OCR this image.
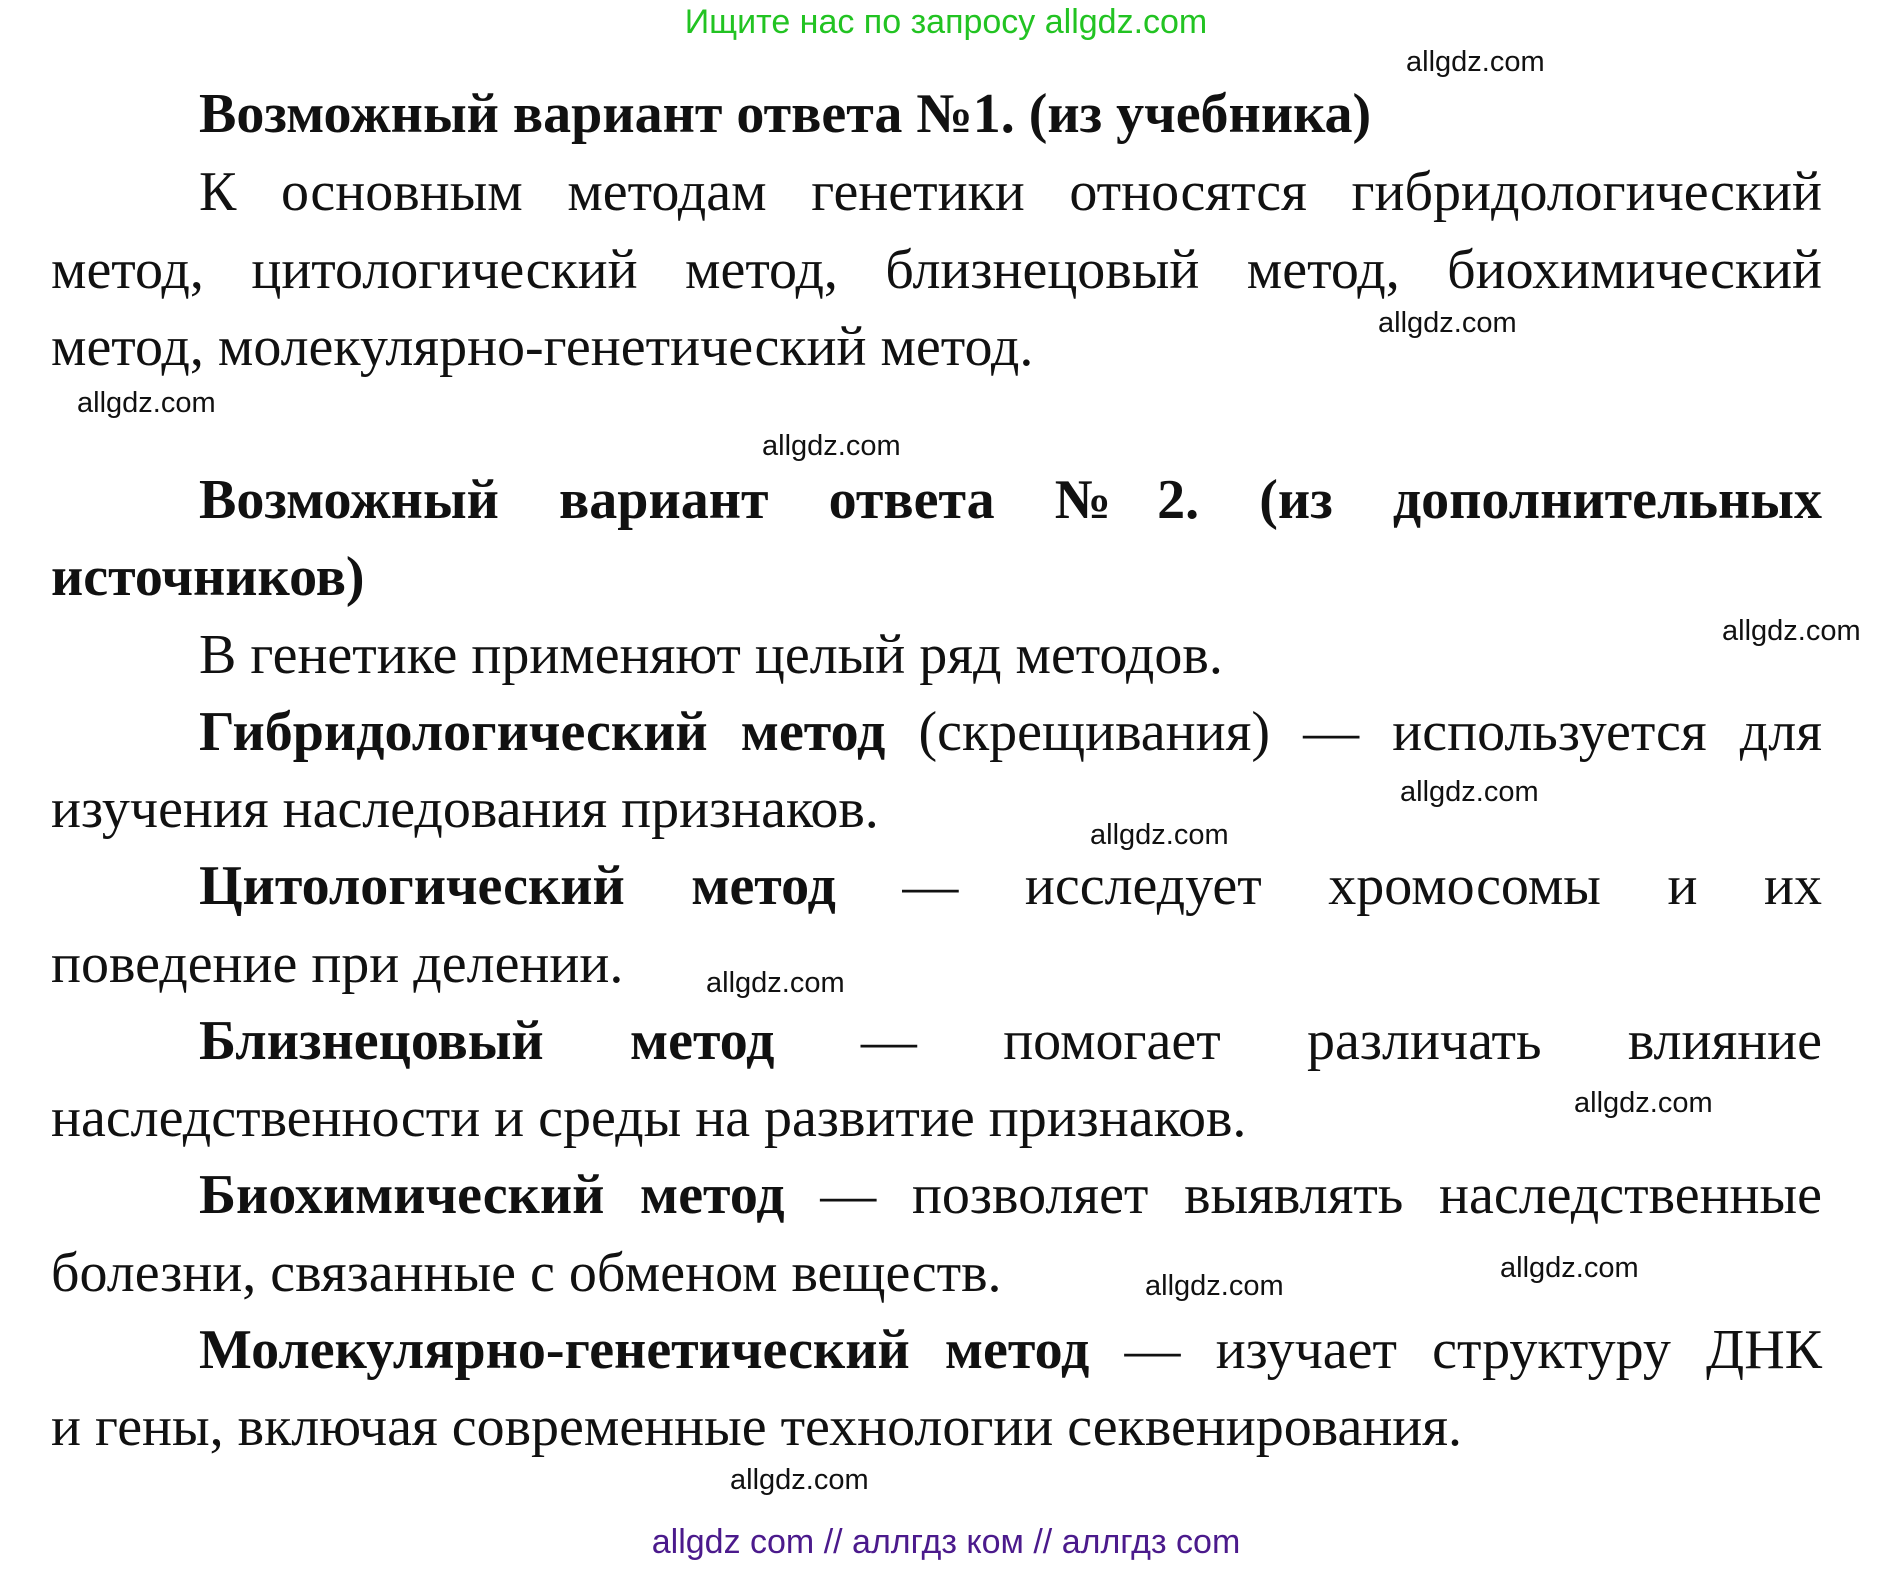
Ищите нас по запросу allgdz.com
Возможный вариант ответа №1. (из учебника)
К основным методам генетики относятся гибридологический
метод, цитологический метод, близнецовый метод, биохимический
метод, молекулярно-генетический метод.
Возможный вариант ответа №2. (из дополнительных
источников)
В генетике применяют целый ряд методов.
Гибридологический метод (скрещивания) — используется для
изучения наследования признаков.
Цитологический метод — исследует хромосомы и их
поведение при делении.
Близнецовый метод — помогает различать влияние
наследственности и среды на развитие признаков.
Биохимический метод — позволяет выявлять наследственные
болезни, связанные с обменом веществ.
Молекулярно-генетический метод — изучает структуру ДНК
и гены, включая современные технологии секвенирования.
allgdz.com
allgdz.com
allgdz.com
allgdz.com
allgdz.com
allgdz.com
allgdz.com
allgdz.com
allgdz.com
allgdz.com
allgdz.com
allgdz.com
allgdz com // аллгдз ком // аллгдз com
